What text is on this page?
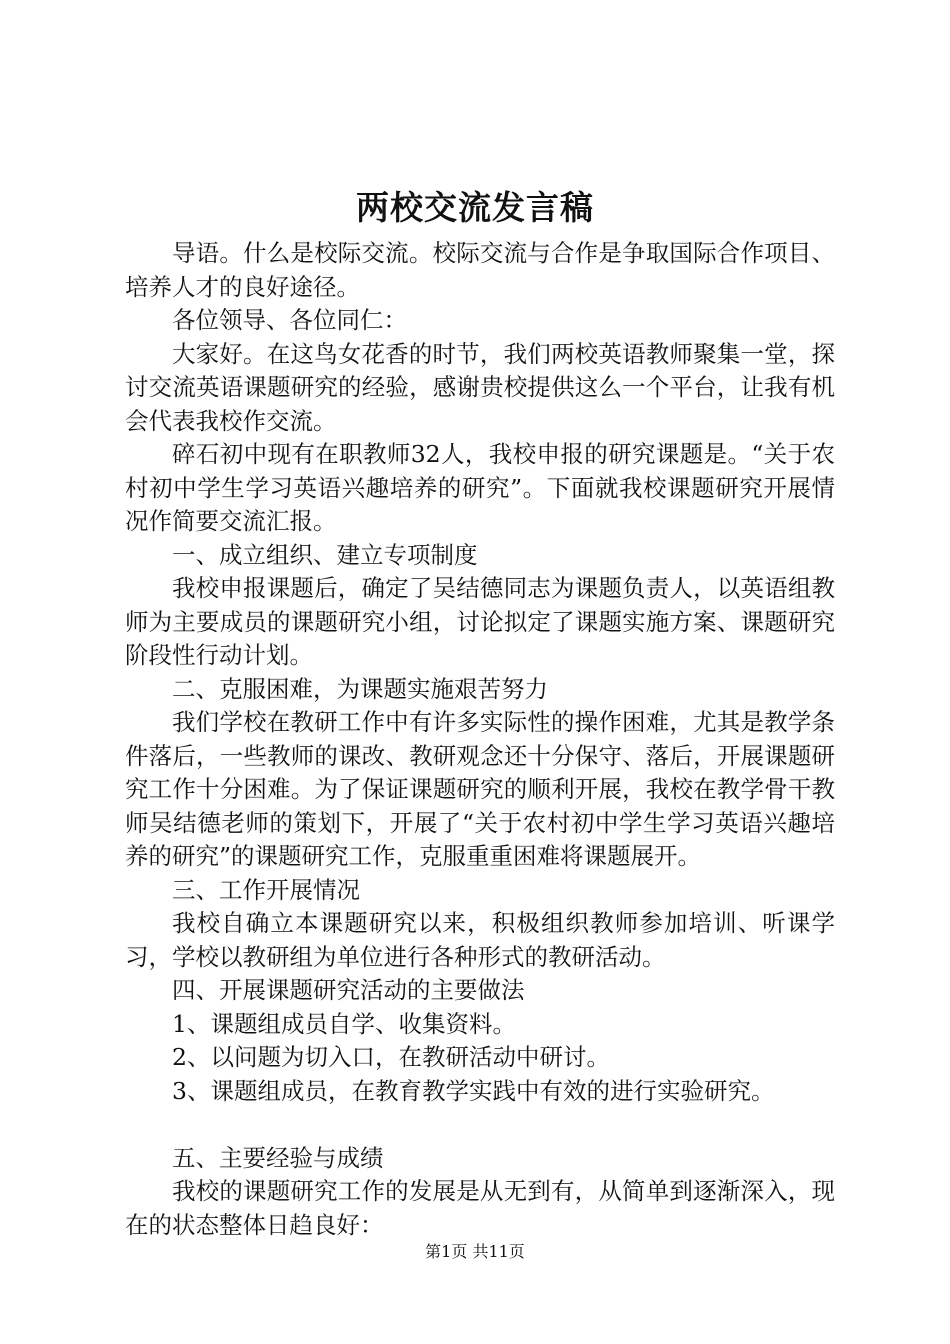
两校交流发言稿

导语。什么是校际交流。校际交流与合作是争取国际合作项目、培养人才的良好途径。

各位领导、各位同仁：

大家好。在这鸟女花香的时节，我们两校英语教师聚集一堂，探讨交流英语课题研究的经验，感谢贵校提供这么一个平台，让我有机会代表我校作交流。

碎石初中现有在职教师32人，我校申报的研究课题是。“关于农村初中学生学习英语兴趣培养的研究”。下面就我校课题研究开展情况作简要交流汇报。

一、成立组织、建立专项制度

我校申报课题后，确定了吴结德同志为课题负责人，以英语组教师为主要成员的课题研究小组，讨论拟定了课题实施方案、课题研究阶段性行动计划。

二、克服困难，为课题实施艰苦努力

我们学校在教研工作中有许多实际性的操作困难，尤其是教学条件落后，一些教师的课改、教研观念还十分保守、落后，开展课题研究工作十分困难。为了保证课题研究的顺利开展，我校在教学骨干教师吴结德老师的策划下，开展了“关于农村初中学生学习英语兴趣培养的研究”的课题研究工作，克服重重困难将课题展开。

三、工作开展情况

我校自确立本课题研究以来，积极组织教师参加培训、听课学习，学校以教研组为单位进行各种形式的教研活动。

四、开展课题研究活动的主要做法

1、课题组成员自学、收集资料。

2、以问题为切入口，在教研活动中研讨。

3、课题组成员，在教育教学实践中有效的进行实验研究。

五、主要经验与成绩

我校的课题研究工作的发展是从无到有，从简单到逐渐深入，现在的状态整体日趋良好：

第1页 共11页
